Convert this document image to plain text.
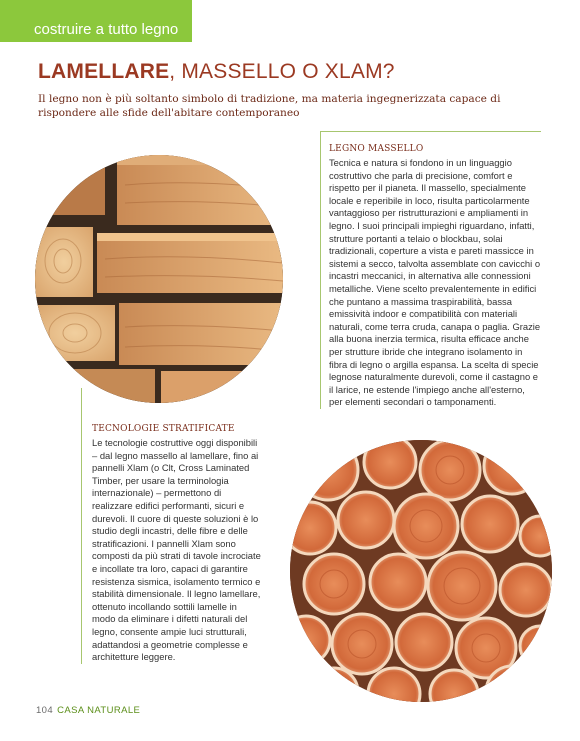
costruire a tutto legno
LAMELLARE, MASSELLO O XLAM?

Il legno non è più soltanto simbolo di tradizione, ma materia ingegnerizzata capace di rispondere alle sfide dell'abitare contemporaneo

LEGNO MASSELLO

Tecnica e natura si fondono in un linguaggio costruttivo che parla di precisione, comfort e rispetto per il pianeta. Il massello, specialmente locale e reperibile in loco, risulta particolarmente vantaggioso per ristrutturazioni e ampliamenti in legno. I suoi principali impieghi riguardano, infatti, strutture portanti a telaio o blockbau, solai tradizionali, coperture a vista e pareti massicce in sistemi a secco, talvolta assemblate con cavicchi o incastri meccanici, in alternativa alle connessioni metalliche. Viene scelto prevalentemente in edifici che puntano a massima traspirabilità, bassa emissività indoor e compatibilità con materiali naturali, come terra cruda, canapa o paglia. Grazie alla buona inerzia termica, risulta efficace anche per strutture ibride che integrano isolamento in fibra di legno o argilla espansa. La scelta di specie legnose naturalmente durevoli, come il castagno e il larice, ne estende l'impiego anche all'esterno, per elementi secondari o tamponamenti.

TECNOLOGIE STRATIFICATE

Le tecnologie costruttive oggi disponibili – dal legno massello al lamellare, fino ai pannelli Xlam (o Clt, Cross Laminated Timber, per usare la terminologia internazionale) – permettono di realizzare edifici performanti, sicuri e durevoli. Il cuore di queste soluzioni è lo studio degli incastri, delle fibre e delle stratificazioni. I pannelli Xlam sono composti da più strati di tavole incrociate e incollate tra loro, capaci di garantire resistenza sismica, isolamento termico e stabilità dimensionale. Il legno lamellare, ottenuto incollando sottili lamelle in modo da eliminare i difetti naturali del legno, consente ampie luci strutturali, adattandosi a geometrie complesse e architetture leggere.

104 CASA NATURALE
